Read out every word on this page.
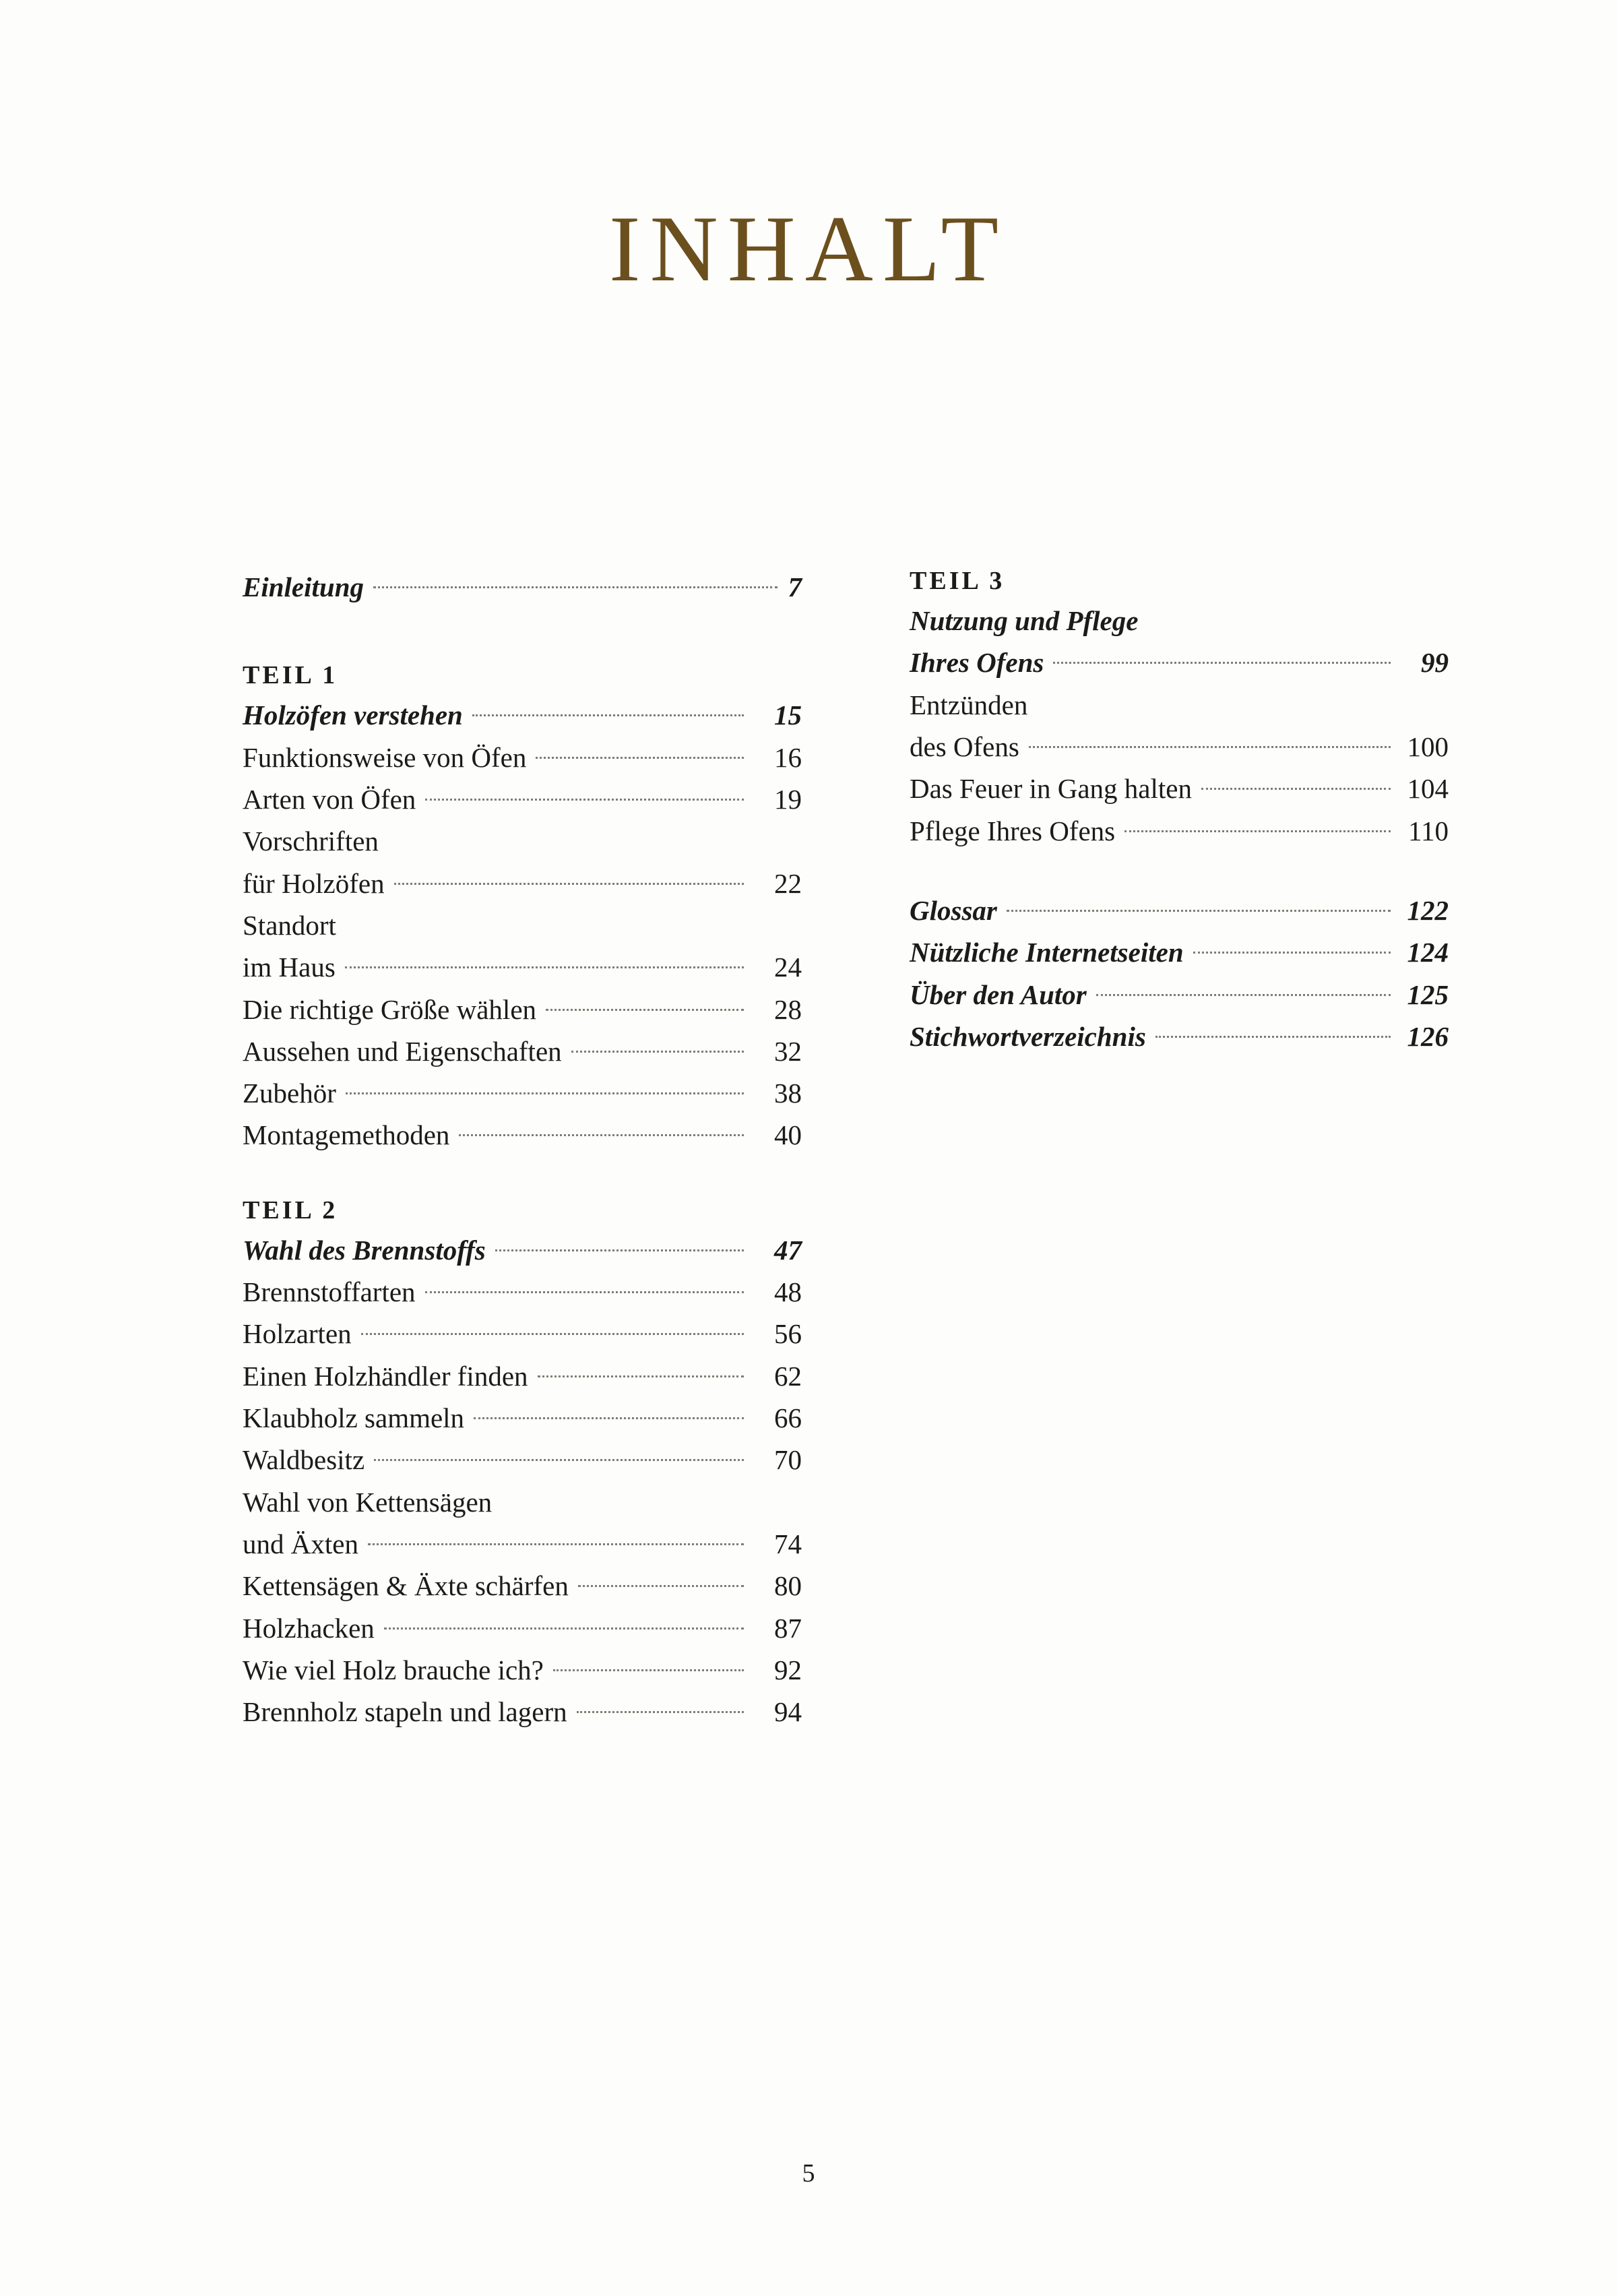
INHALT
Einleitung	7
TEIL 1
Holzöfen verstehen	15
Funktionsweise von Öfen	16
Arten von Öfen	19
Vorschriften
für Holzöfen	22
Standort
im Haus	24
Die richtige Größe wählen	28
Aussehen und Eigenschaften	32
Zubehör	38
Montagemethoden	40
TEIL 2
Wahl des Brennstoffs	47
Brennstoffarten	48
Holzarten	56
Einen Holzhändler finden	62
Klaubholz sammeln	66
Waldbesitz	70
Wahl von Kettensägen
und Äxten	74
Kettensägen & Äxte schärfen	80
Holzhacken	87
Wie viel Holz brauche ich?	92
Brennholz stapeln und lagern	94
TEIL 3
Nutzung und Pflege
Ihres Ofens	99
Entzünden
des Ofens	100
Das Feuer in Gang halten	104
Pflege Ihres Ofens	110
Glossar	122
Nützliche Internetseiten	124
Über den Autor	125
Stichwortverzeichnis	126
5
